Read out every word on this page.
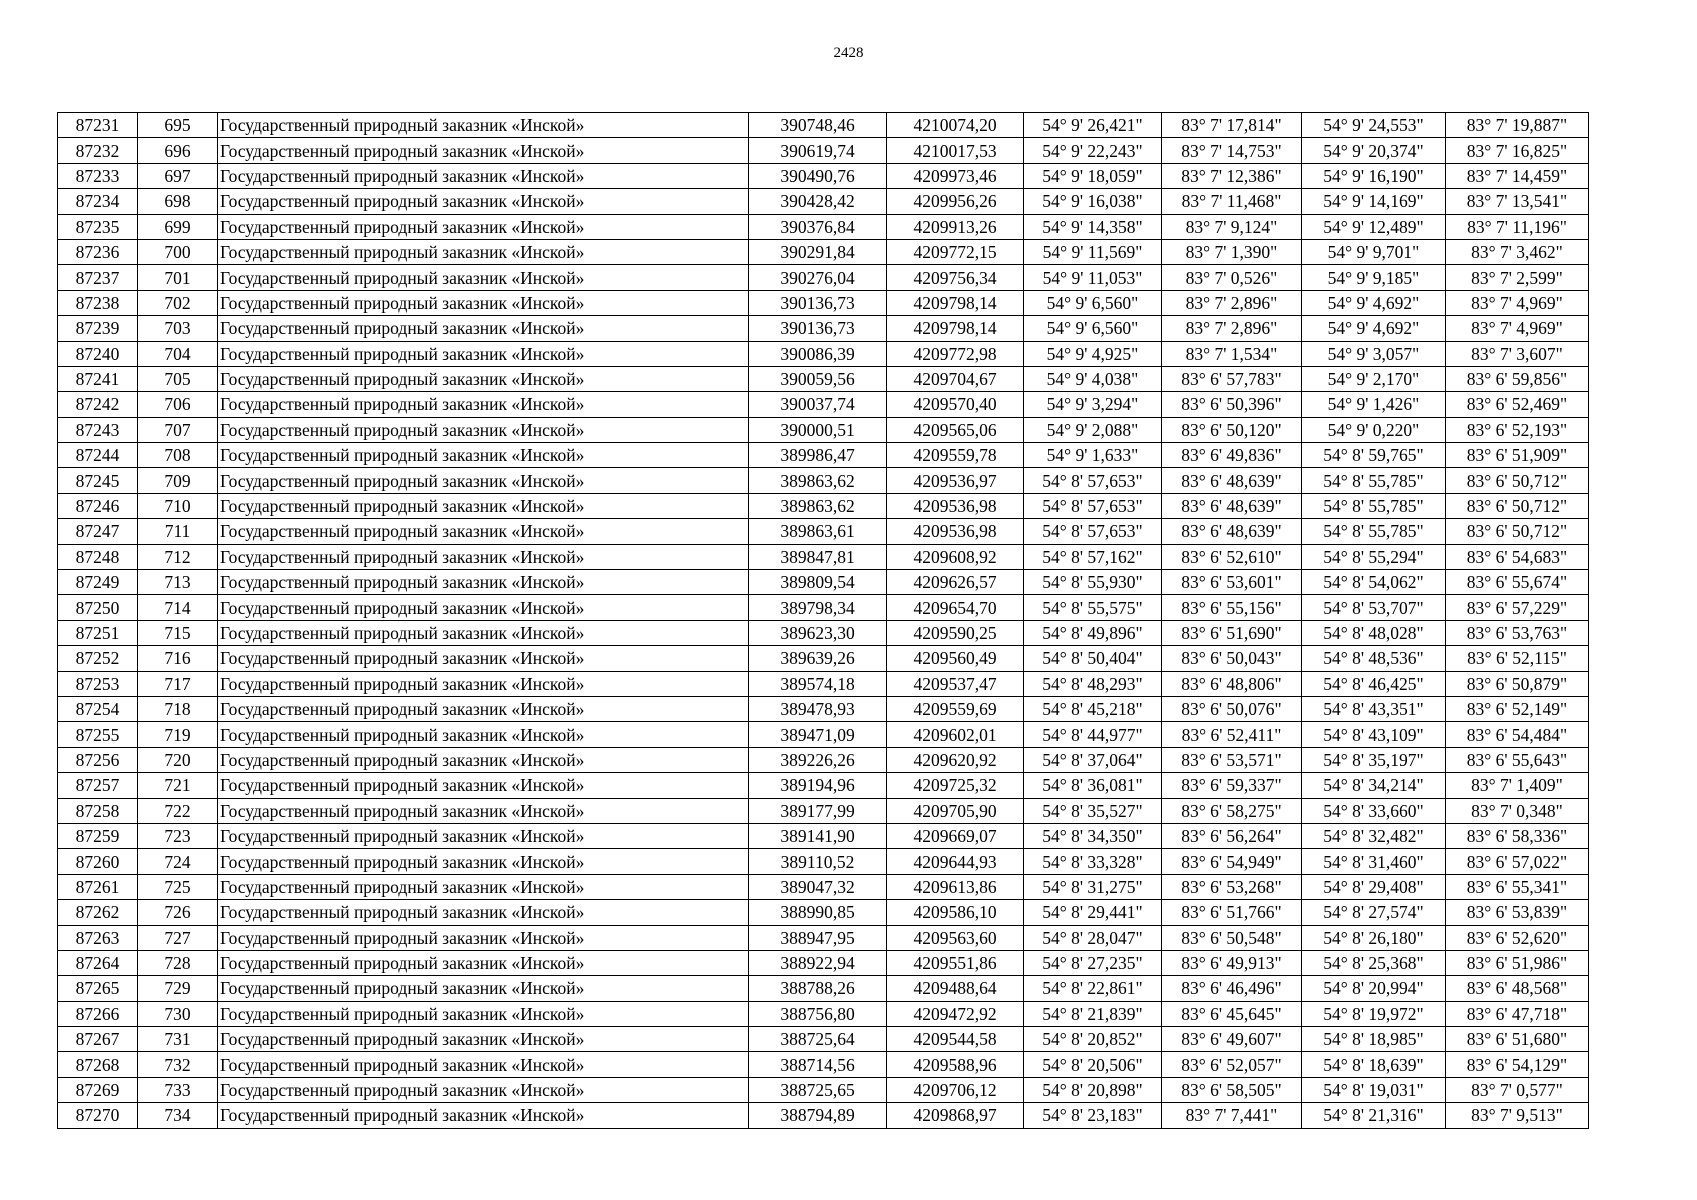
2428
87231	695	Государственный природный заказник «Инской»	390748,46	4210074,20	54° 9' 26,421"	83° 7' 17,814"	54° 9' 24,553"	83° 7' 19,887"
87232	696	Государственный природный заказник «Инской»	390619,74	4210017,53	54° 9' 22,243"	83° 7' 14,753"	54° 9' 20,374"	83° 7' 16,825"
87233	697	Государственный природный заказник «Инской»	390490,76	4209973,46	54° 9' 18,059"	83° 7' 12,386"	54° 9' 16,190"	83° 7' 14,459"
87234	698	Государственный природный заказник «Инской»	390428,42	4209956,26	54° 9' 16,038"	83° 7' 11,468"	54° 9' 14,169"	83° 7' 13,541"
87235	699	Государственный природный заказник «Инской»	390376,84	4209913,26	54° 9' 14,358"	83° 7' 9,124"	54° 9' 12,489"	83° 7' 11,196"
87236	700	Государственный природный заказник «Инской»	390291,84	4209772,15	54° 9' 11,569"	83° 7' 1,390"	54° 9' 9,701"	83° 7' 3,462"
87237	701	Государственный природный заказник «Инской»	390276,04	4209756,34	54° 9' 11,053"	83° 7' 0,526"	54° 9' 9,185"	83° 7' 2,599"
87238	702	Государственный природный заказник «Инской»	390136,73	4209798,14	54° 9' 6,560"	83° 7' 2,896"	54° 9' 4,692"	83° 7' 4,969"
87239	703	Государственный природный заказник «Инской»	390136,73	4209798,14	54° 9' 6,560"	83° 7' 2,896"	54° 9' 4,692"	83° 7' 4,969"
87240	704	Государственный природный заказник «Инской»	390086,39	4209772,98	54° 9' 4,925"	83° 7' 1,534"	54° 9' 3,057"	83° 7' 3,607"
87241	705	Государственный природный заказник «Инской»	390059,56	4209704,67	54° 9' 4,038"	83° 6' 57,783"	54° 9' 2,170"	83° 6' 59,856"
87242	706	Государственный природный заказник «Инской»	390037,74	4209570,40	54° 9' 3,294"	83° 6' 50,396"	54° 9' 1,426"	83° 6' 52,469"
87243	707	Государственный природный заказник «Инской»	390000,51	4209565,06	54° 9' 2,088"	83° 6' 50,120"	54° 9' 0,220"	83° 6' 52,193"
87244	708	Государственный природный заказник «Инской»	389986,47	4209559,78	54° 9' 1,633"	83° 6' 49,836"	54° 8' 59,765"	83° 6' 51,909"
87245	709	Государственный природный заказник «Инской»	389863,62	4209536,97	54° 8' 57,653"	83° 6' 48,639"	54° 8' 55,785"	83° 6' 50,712"
87246	710	Государственный природный заказник «Инской»	389863,62	4209536,98	54° 8' 57,653"	83° 6' 48,639"	54° 8' 55,785"	83° 6' 50,712"
87247	711	Государственный природный заказник «Инской»	389863,61	4209536,98	54° 8' 57,653"	83° 6' 48,639"	54° 8' 55,785"	83° 6' 50,712"
87248	712	Государственный природный заказник «Инской»	389847,81	4209608,92	54° 8' 57,162"	83° 6' 52,610"	54° 8' 55,294"	83° 6' 54,683"
87249	713	Государственный природный заказник «Инской»	389809,54	4209626,57	54° 8' 55,930"	83° 6' 53,601"	54° 8' 54,062"	83° 6' 55,674"
87250	714	Государственный природный заказник «Инской»	389798,34	4209654,70	54° 8' 55,575"	83° 6' 55,156"	54° 8' 53,707"	83° 6' 57,229"
87251	715	Государственный природный заказник «Инской»	389623,30	4209590,25	54° 8' 49,896"	83° 6' 51,690"	54° 8' 48,028"	83° 6' 53,763"
87252	716	Государственный природный заказник «Инской»	389639,26	4209560,49	54° 8' 50,404"	83° 6' 50,043"	54° 8' 48,536"	83° 6' 52,115"
87253	717	Государственный природный заказник «Инской»	389574,18	4209537,47	54° 8' 48,293"	83° 6' 48,806"	54° 8' 46,425"	83° 6' 50,879"
87254	718	Государственный природный заказник «Инской»	389478,93	4209559,69	54° 8' 45,218"	83° 6' 50,076"	54° 8' 43,351"	83° 6' 52,149"
87255	719	Государственный природный заказник «Инской»	389471,09	4209602,01	54° 8' 44,977"	83° 6' 52,411"	54° 8' 43,109"	83° 6' 54,484"
87256	720	Государственный природный заказник «Инской»	389226,26	4209620,92	54° 8' 37,064"	83° 6' 53,571"	54° 8' 35,197"	83° 6' 55,643"
87257	721	Государственный природный заказник «Инской»	389194,96	4209725,32	54° 8' 36,081"	83° 6' 59,337"	54° 8' 34,214"	83° 7' 1,409"
87258	722	Государственный природный заказник «Инской»	389177,99	4209705,90	54° 8' 35,527"	83° 6' 58,275"	54° 8' 33,660"	83° 7' 0,348"
87259	723	Государственный природный заказник «Инской»	389141,90	4209669,07	54° 8' 34,350"	83° 6' 56,264"	54° 8' 32,482"	83° 6' 58,336"
87260	724	Государственный природный заказник «Инской»	389110,52	4209644,93	54° 8' 33,328"	83° 6' 54,949"	54° 8' 31,460"	83° 6' 57,022"
87261	725	Государственный природный заказник «Инской»	389047,32	4209613,86	54° 8' 31,275"	83° 6' 53,268"	54° 8' 29,408"	83° 6' 55,341"
87262	726	Государственный природный заказник «Инской»	388990,85	4209586,10	54° 8' 29,441"	83° 6' 51,766"	54° 8' 27,574"	83° 6' 53,839"
87263	727	Государственный природный заказник «Инской»	388947,95	4209563,60	54° 8' 28,047"	83° 6' 50,548"	54° 8' 26,180"	83° 6' 52,620"
87264	728	Государственный природный заказник «Инской»	388922,94	4209551,86	54° 8' 27,235"	83° 6' 49,913"	54° 8' 25,368"	83° 6' 51,986"
87265	729	Государственный природный заказник «Инской»	388788,26	4209488,64	54° 8' 22,861"	83° 6' 46,496"	54° 8' 20,994"	83° 6' 48,568"
87266	730	Государственный природный заказник «Инской»	388756,80	4209472,92	54° 8' 21,839"	83° 6' 45,645"	54° 8' 19,972"	83° 6' 47,718"
87267	731	Государственный природный заказник «Инской»	388725,64	4209544,58	54° 8' 20,852"	83° 6' 49,607"	54° 8' 18,985"	83° 6' 51,680"
87268	732	Государственный природный заказник «Инской»	388714,56	4209588,96	54° 8' 20,506"	83° 6' 52,057"	54° 8' 18,639"	83° 6' 54,129"
87269	733	Государственный природный заказник «Инской»	388725,65	4209706,12	54° 8' 20,898"	83° 6' 58,505"	54° 8' 19,031"	83° 7' 0,577"
87270	734	Государственный природный заказник «Инской»	388794,89	4209868,97	54° 8' 23,183"	83° 7' 7,441"	54° 8' 21,316"	83° 7' 9,513"
